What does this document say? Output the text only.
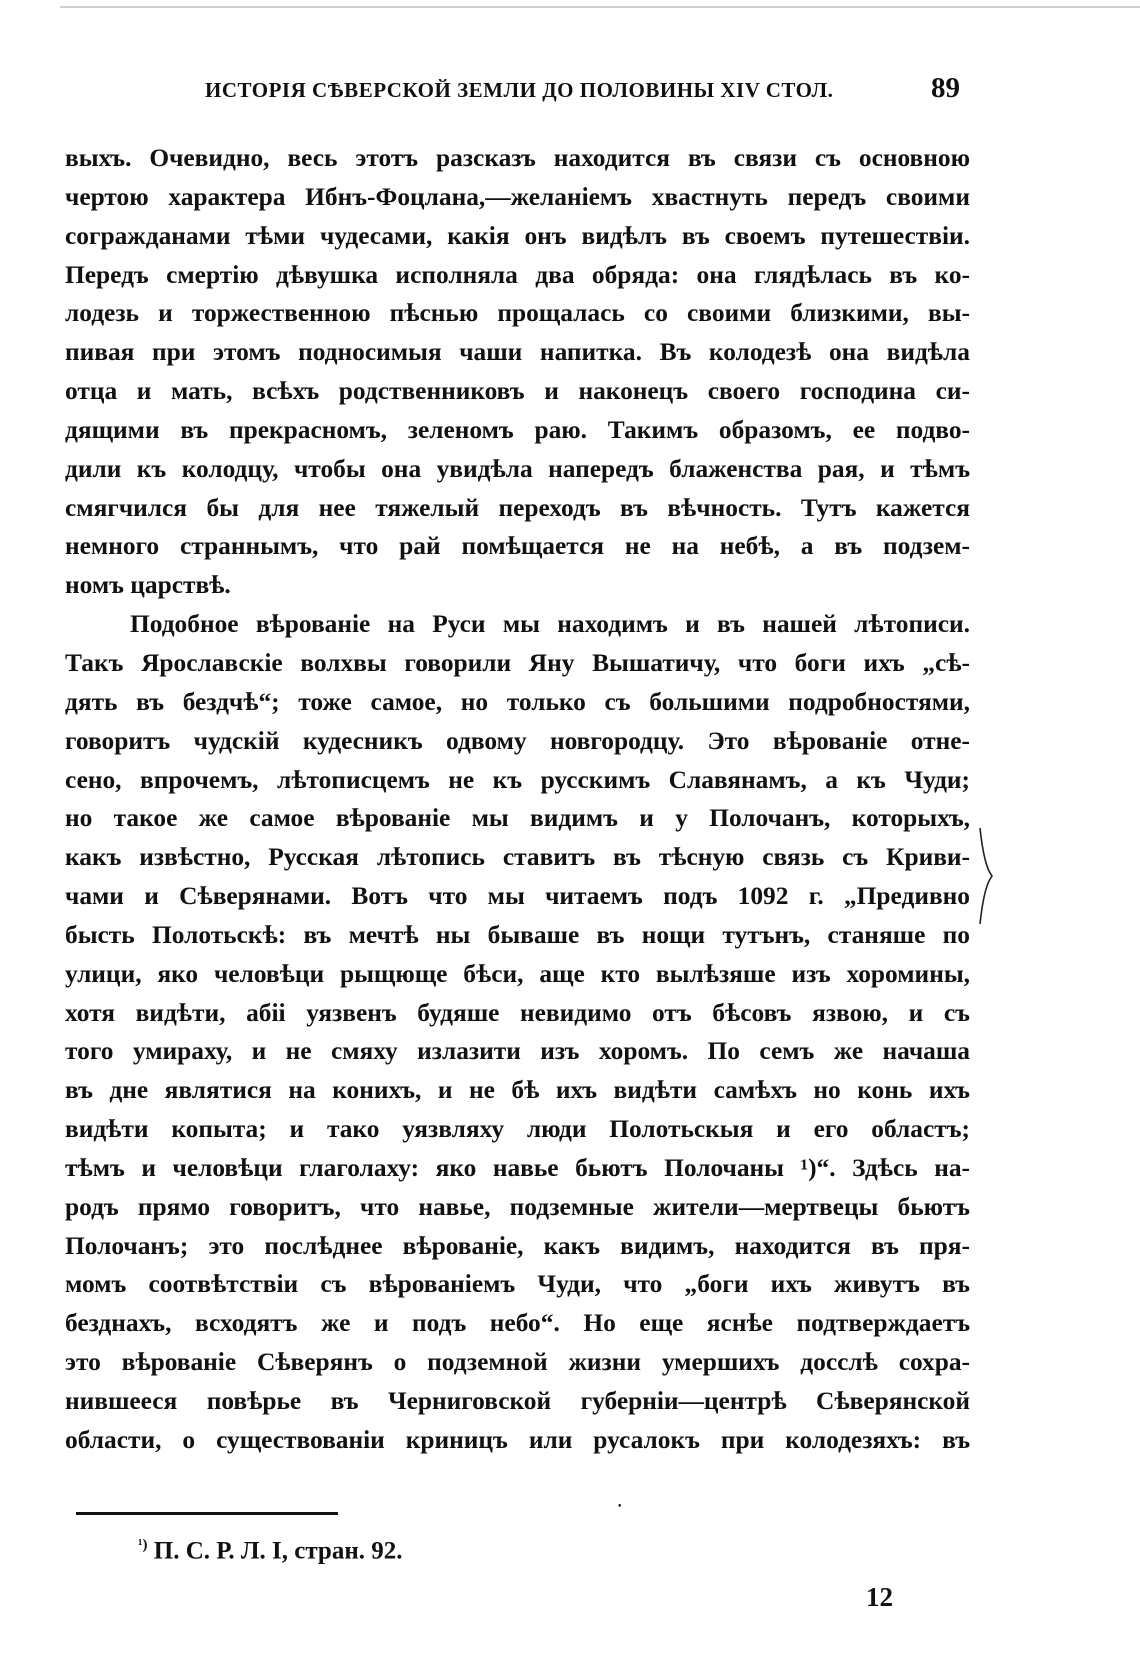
ИСТОРІЯ СѢВЕРСКОЙ ЗЕМЛИ ДО ПОЛОВИНЫ XIV СТОЛ.	89

выхъ. Очевидно, весь этотъ разсказъ находится въ связи съ основною

чертою характера Ибнъ-Фоцлана,—желаніемъ хвастнуть передъ своими

согражданами тѣми чудесами, какія онъ видѣлъ въ своемъ путешествіи.

Передъ смертію дѣвушка исполняла два обряда: она глядѣлась въ ко-

лодезь и торжественною пѣснью прощалась со своими близкими, вы-

пивая при этомъ подносимыя чаши напитка. Въ колодезѣ она видѣла

отца и мать, всѣхъ родственниковъ и наконецъ своего господина си-

дящими въ прекрасномъ, зеленомъ раю. Такимъ образомъ, ее подво-

дили къ колодцу, чтобы она увидѣла напередъ блаженства рая, и тѣмъ

смягчился бы для нее тяжелый переходъ въ вѣчность. Тутъ кажется

немного страннымъ, что рай помѣщается не на небѣ, а въ подзем-

номъ царствѣ.

Подобное вѣрованіе на Руси мы находимъ и въ нашей лѣтописи.

Такъ Ярославскіе волхвы говорили Яну Вышатичу, что боги ихъ „сѣ-

дять въ бездчѣ“; тоже самое, но только съ большими подробностями,

говоритъ чудскій кудесникъ одвому новгородцу. Это вѣрованіе отне-

сено, впрочемъ, лѣтописцемъ не къ русскимъ Славянамъ, а къ Чуди;

но такое же самое вѣрованіе мы видимъ и у Полочанъ, которыхъ,

какъ извѣстно, Русская лѣтопись ставитъ въ тѣсную связь съ Криви-

чами и Сѣверянами. Вотъ что мы читаемъ подъ 1092 г. „Предивно

бысть Полотьскѣ: въ мечтѣ ны бываше въ нощи тутънъ, станяше по

улици, яко человѣци рыщюще бѣси, аще кто вылѣзяше изъ хоромины,

хотя видѣти, абіі уязвенъ будяше невидимо отъ бѣсовъ язвою, и съ

того умираху, и не смяху излазити изъ хоромъ. По семъ же начаша

въ дне являтися на конихъ, и не бѣ ихъ видѣти самѣхъ но конь ихъ

видѣти копыта; и тако уязвляху люди Полотьскыя и его областъ;

тѣмъ и человѣци глаголаху: яко навье бьютъ Полочаны ¹)“. Здѣсь на-

родъ прямо говоритъ, что навье, подземные жители—мертвецы бьютъ

Полочанъ; это послѣднее вѣрованіе, какъ видимъ, находится въ пря-

момъ соотвѣтствіи съ вѣрованіемъ Чуди, что „боги ихъ живутъ въ

безднахъ, всходятъ же и подъ небо“. Но еще яснѣе подтверждаетъ

это вѣрованіе Сѣверянъ о подземной жизни умершихъ досслѣ сохра-

нившееся повѣрье въ Черниговской губерніи—центрѣ Сѣверянской

области, о существованіи криницъ или русалокъ при колодезяхъ: въ

•
$^{^1)}$ П. С. Р. Л. I, стран. 92.
12
